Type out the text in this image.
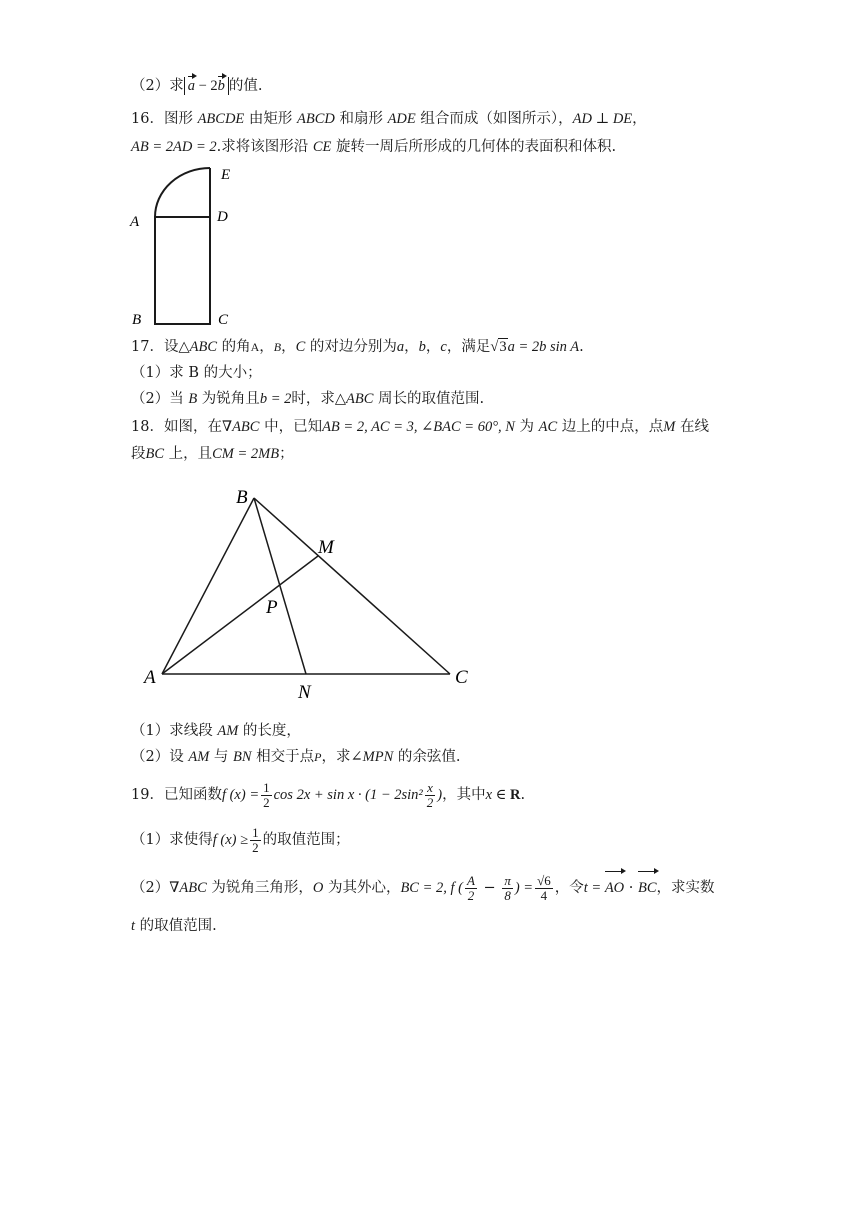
（2）求 a − 2b 的值.
16．图形 ABCDE 由矩形 ABCD 和扇形 ADE 组合而成（如图所示），AD ⊥ DE，
AB = 2AD = 2.求将该图形沿 CE 旋转一周后所形成的几何体的表面积和体积.
E
D
A
B	C
17．设△ABC 的角A，B，C 的对边分别为a，b，c，满足√3a = 2b sin A.
（1）求 B 的大小；
（2）当 B 为锐角且b = 2时，求△ABC 周长的取值范围.
18．如图，在∇ABC 中，已知AB = 2, AC = 3, ∠BAC = 60°, N 为 AC 边上的中点，点M 在线
段BC 上，且CM = 2MB；
B
M
P
A
N
C
（1）求线段 AM 的长度，
（2）设 AM 与 BN 相交于点P，求∠MPN 的余弦值.
19．已知函数f $(x) = \frac{1}{2}$ $\cos 2x + \sin x \cdot (1 - 2\sin^2 \frac{x}{2}$ )，其中x ∈ R.
（1）求使得f $(x) \ge \frac{1}{2}$ 的取值范围；
（2）∇ABC 为锐角三角形，O 为其外心，BC = 2, f ( $\frac{A}{2} - \frac{\pi}{8}$ ) = $\frac{√6}{4}$ ，令t = AO · BC，求实数
t 的取值范围.
